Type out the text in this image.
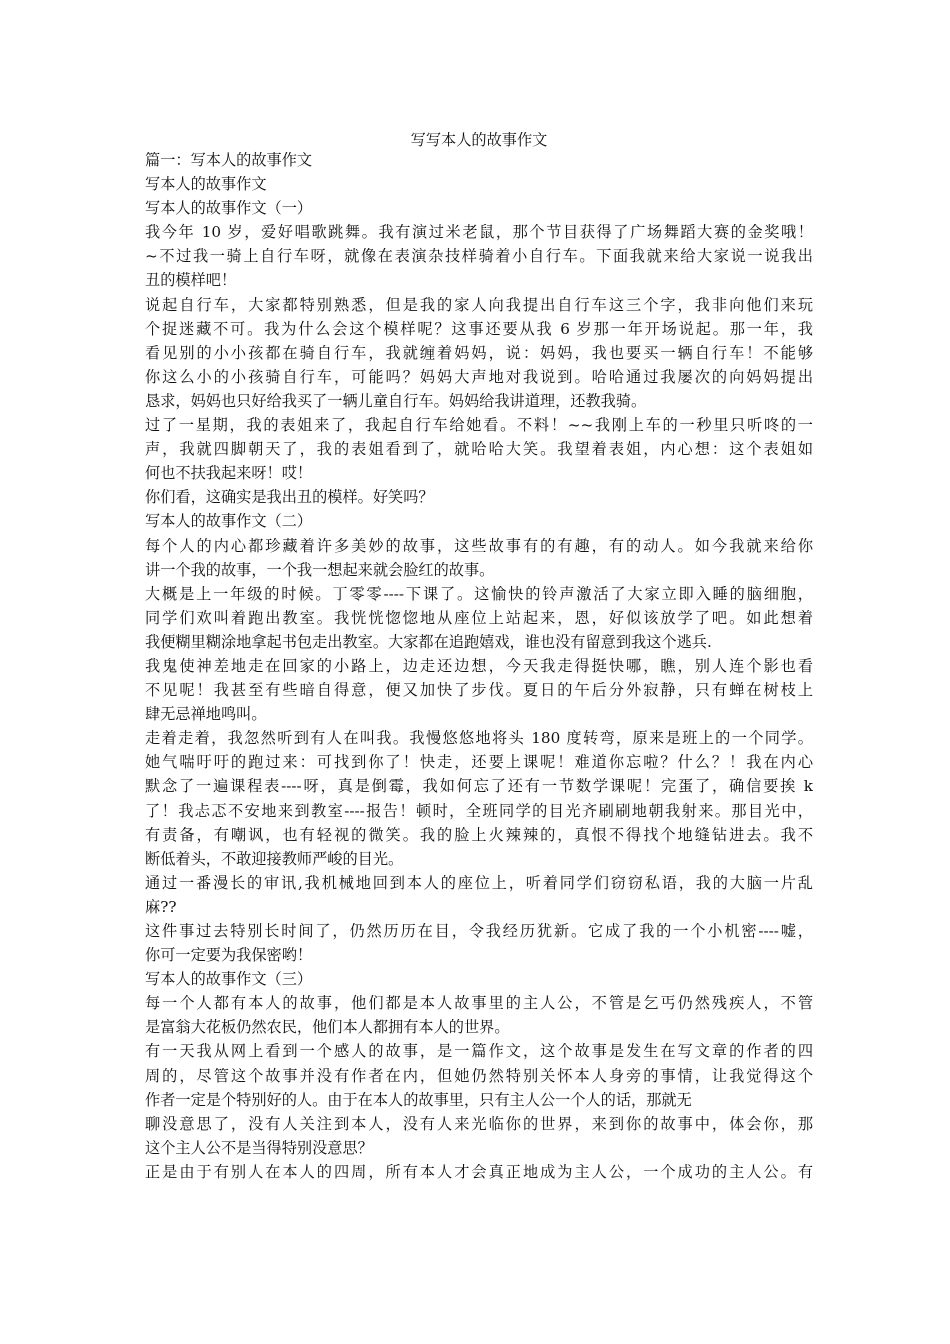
写写本人的故事作文
篇一：写本人的故事作文
写本人的故事作文
写本人的故事作文（一）
我今年 10 岁，爱好唱歌跳舞。我有演过米老鼠，那个节目获得了广场舞蹈大赛的金奖哦！
~不过我一骑上自行车呀，就像在表演杂技样骑着小自行车。下面我就来给大家说一说我出
丑的模样吧！
说起自行车，大家都特别熟悉，但是我的家人向我提出自行车这三个字，我非向他们来玩
个捉迷藏不可。我为什么会这个模样呢？这事还要从我 6 岁那一年开场说起。那一年，我
看见别的小小孩都在骑自行车，我就缠着妈妈，说：妈妈，我也要买一辆自行车！不能够
你这么小的小孩骑自行车，可能吗？妈妈大声地对我说到。哈哈通过我屡次的向妈妈提出
恳求，妈妈也只好给我买了一辆儿童自行车。妈妈给我讲道理，还教我骑。
过了一星期，我的表姐来了，我起自行车给她看。不料！~~我刚上车的一秒里只听咚的一
声，我就四脚朝天了，我的表姐看到了，就哈哈大笑。我望着表姐，内心想：这个表姐如
何也不扶我起来呀！哎！
你们看，这确实是我出丑的模样。好笑吗？
写本人的故事作文（二）
每个人的内心都珍藏着许多美妙的故事，这些故事有的有趣，有的动人。如今我就来给你
讲一个我的故事，一个我一想起来就会脸红的故事。
大概是上一年级的时候。丁零零----下课了。这愉快的铃声激活了大家立即入睡的脑细胞，
同学们欢叫着跑出教室。我恍恍惚惚地从座位上站起来，恩，好似该放学了吧。如此想着
我便糊里糊涂地拿起书包走出教室。大家都在追跑嬉戏，谁也没有留意到我这个逃兵.
我鬼使神差地走在回家的小路上，边走还边想，今天我走得挺快哪，瞧，别人连个影也看
不见呢！我甚至有些暗自得意，便又加快了步伐。夏日的午后分外寂静，只有蝉在树枝上
肆无忌禅地鸣叫。
走着走着，我忽然听到有人在叫我。我慢悠悠地将头 180 度转弯，原来是班上的一个同学。
她气喘吁吁的跑过来：可找到你了！快走，还要上课呢！难道你忘啦？什么？！我在内心
默念了一遍课程表----呀，真是倒霉，我如何忘了还有一节数学课呢！完蛋了，确信要挨 k
了！我忐忑不安地来到教室----报告！顿时，全班同学的目光齐刷刷地朝我射来。那目光中，
有责备，有嘲讽，也有轻视的微笑。我的脸上火辣辣的，真恨不得找个地缝钻进去。我不
断低着头，不敢迎接教师严峻的目光。
通过一番漫长的审讯,我机械地回到本人的座位上，听着同学们窃窃私语，我的大脑一片乱
麻??
这件事过去特别长时间了，仍然历历在目，令我经历犹新。它成了我的一个小机密----嘘，
你可一定要为我保密哟！
写本人的故事作文（三）
每一个人都有本人的故事，他们都是本人故事里的主人公，不管是乞丐仍然残疾人，不管
是富翁大花板仍然农民，他们本人都拥有本人的世界。
有一天我从网上看到一个感人的故事，是一篇作文，这个故事是发生在写文章的作者的四
周的，尽管这个故事并没有作者在内，但她仍然特别关怀本人身旁的事情，让我觉得这个
作者一定是个特别好的人。由于在本人的故事里，只有主人公一个人的话，那就无
聊没意思了，没有人关注到本人，没有人来光临你的世界，来到你的故事中，体会你，那
这个主人公不是当得特别没意思？
正是由于有别人在本人的四周，所有本人才会真正地成为主人公，一个成功的主人公。有
